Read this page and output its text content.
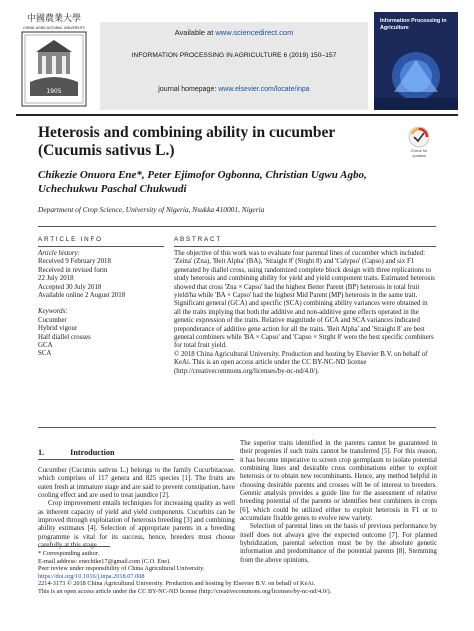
中國農業大學
CHINA AGRICULTURAL UNIVERSITY
1905
Available at www.sciencedirect.com
INFORMATION PROCESSING IN AGRICULTURE 6 (2019) 150–157
journal homepage: www.elsevier.com/locate/inpa
Information Processing in Agriculture
Heterosis and combining ability in cucumber
(Cucumis sativus L.)	Check for
updates
Chikezie Onuora Ene*, Peter Ejimofor Ogbonna, Christian Ugwu Agbo,
Uchechukwu Paschal Chukwudi
Department of Crop Science, University of Nigeria, Nsukka 410001, Nigeria
ARTICLE INFO	ABSTRACT
Article history:
Received 9 February 2018
Received in revised form
22 July 2018
Accepted 30 July 2018
Available online 2 August 2018
Keywords:
Cucumber
Hybrid vigour
Half diallel crosses
GCA
SCA

The objective of this work was to evaluate four parental lines of cucumber which included: 'Zeina' (Zna), 'Beit Alpha' (BA), 'Straight 8' (Strght 8) and 'Calypso' (Capso) and six F1 generated by diallel cross, using randomized complete block design with three replications to study heterosis and combining ability for yield and yield component traits. Estimated heterosis showed that cross 'Zna × Capso' had the highest Better Parent (BP) heterosis in total fruit yield/ha while 'BA × Capso' had the highest Mid Parent (MP) heterosis in the same trait. Significant general (GCA) and specific (SCA) combining ability variances were obtained in all the traits implying that both the additive and non-additive gene effects operated in the genetic expression of the traits. Relative magnitude of GCA and SCA variances indicated preponderance of additive gene action for all the traits. 'Beit Alpha' and 'Straight 8' are best general combiners while 'BA × Capso' and 'Capso × Strght 8' were the best specific combiners for total fruit yield.

© 2018 China Agricultural University. Production and hosting by Elsevier B.V. on behalf of KeAi. This is an open access article under the CC BY-NC-ND license (http://creativecommons.org/licenses/by-nc-nd/4.0/).

1.	Introduction

Cucumber (Cucumis sativus L.) belongs to the family Cucurbitaceae, which comprises of 117 genera and 825 species [1]. The fruits are eaten fresh at immature stage and are said to prevent constipation, have cooling effect and are used to treat jaundice [2].

Crop improvement entails techniques for increasing quality as well as inherent capacity of yield and yield components. Cucurbits can be improved through exploitation of heterosis breeding [3] and combining ability estimates [4]. Selection of appropriate parents in a breeding programme is vital for its success, hence, breeders must choose

The superior traits identified in the parents cannot be guaranteed in their progenies if such traits cannot be transferred [5]. For this reason, it has become imperative to screen crop germplasm to isolate potential combining lines and desirable cross combinations either to exploit heterosis or to obtain new recombinants. Hence, any method helpful in choosing desirable parents and crosses will be of interest to breeders. Genetic analysis provides a guide line for the assessment of relative breeding potential of the parents or identifies best combiners in crops [6], which could be utilized either to exploit heterosis in F1 or to accumulate fixable genes to evolve new variety.

Selection of parental lines on the basis of previous performance by itself does not always give the expected outcome [7]. For planned hybridization, parental selection must be by the absolute genetic information and predominance of the potential parents [8]. Stemming from the above opinions,

* Corresponding author.
E-mail address: enechike17@gmail.com (C.O. Ene).
Peer review under responsibility of China Agricultural University.
https://doi.org/10.1016/j.inpa.2018.07.008
2214-3173 © 2018 China Agricultural University. Production and hosting by Elsevier B.V. on behalf of KeAi.
This is an open access article under the CC BY-NC-ND license (http://creativecommons.org/licenses/by-nc-nd/4.0/).
